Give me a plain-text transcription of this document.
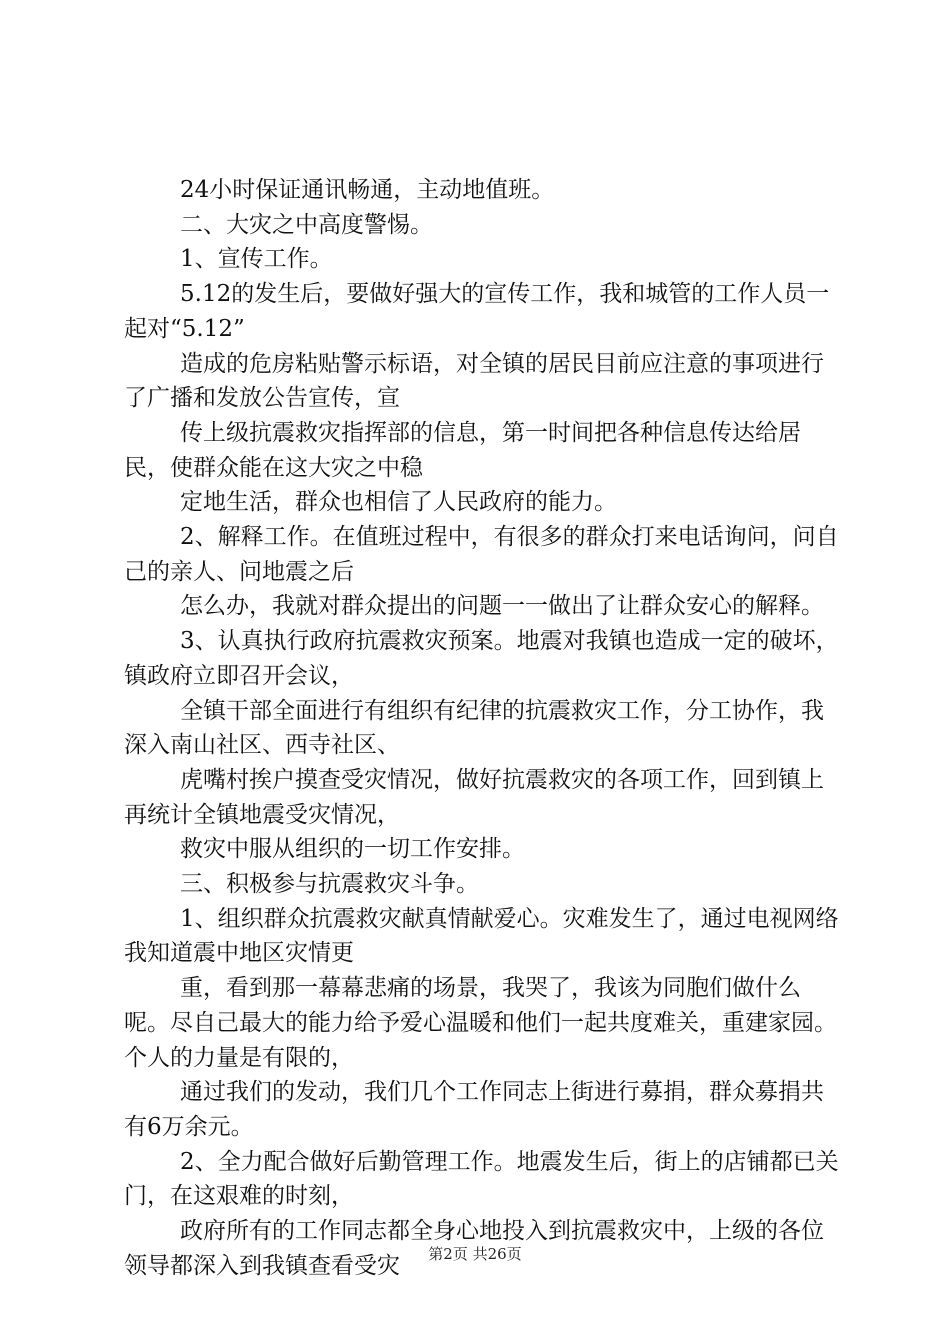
24小时保证通讯畅通，主动地值班。

二、大灾之中高度警惕。

1、宣传工作。

5.12的发生后，要做好强大的宣传工作，我和城管的工作人员一起对“5.12”

造成的危房粘贴警示标语，对全镇的居民目前应注意的事项进行了广播和发放公告宣传，宣

传上级抗震救灾指挥部的信息，第一时间把各种信息传达给居民，使群众能在这大灾之中稳

定地生活，群众也相信了人民政府的能力。

2、解释工作。在值班过程中，有很多的群众打来电话询问，问自己的亲人、问地震之后

怎么办，我就对群众提出的问题一一做出了让群众安心的解释。

3、认真执行政府抗震救灾预案。地震对我镇也造成一定的破坏，镇政府立即召开会议，

全镇干部全面进行有组织有纪律的抗震救灾工作，分工协作，我深入南山社区、西寺社区、

虎嘴村挨户摸查受灾情况，做好抗震救灾的各项工作，回到镇上再统计全镇地震受灾情况，

救灾中服从组织的一切工作安排。

三、积极参与抗震救灾斗争。

1、组织群众抗震救灾献真情献爱心。灾难发生了，通过电视网络我知道震中地区灾情更

重，看到那一幕幕悲痛的场景，我哭了，我该为同胞们做什么呢。尽自己最大的能力给予爱心温暖和他们一起共度难关，重建家园。个人的力量是有限的，

通过我们的发动，我们几个工作同志上街进行募捐，群众募捐共有6万余元。

2、全力配合做好后勤管理工作。地震发生后，街上的店铺都已关门，在这艰难的时刻，

政府所有的工作同志都全身心地投入到抗震救灾中，上级的各位领导都深入到我镇查看受灾	第2页 共26页
